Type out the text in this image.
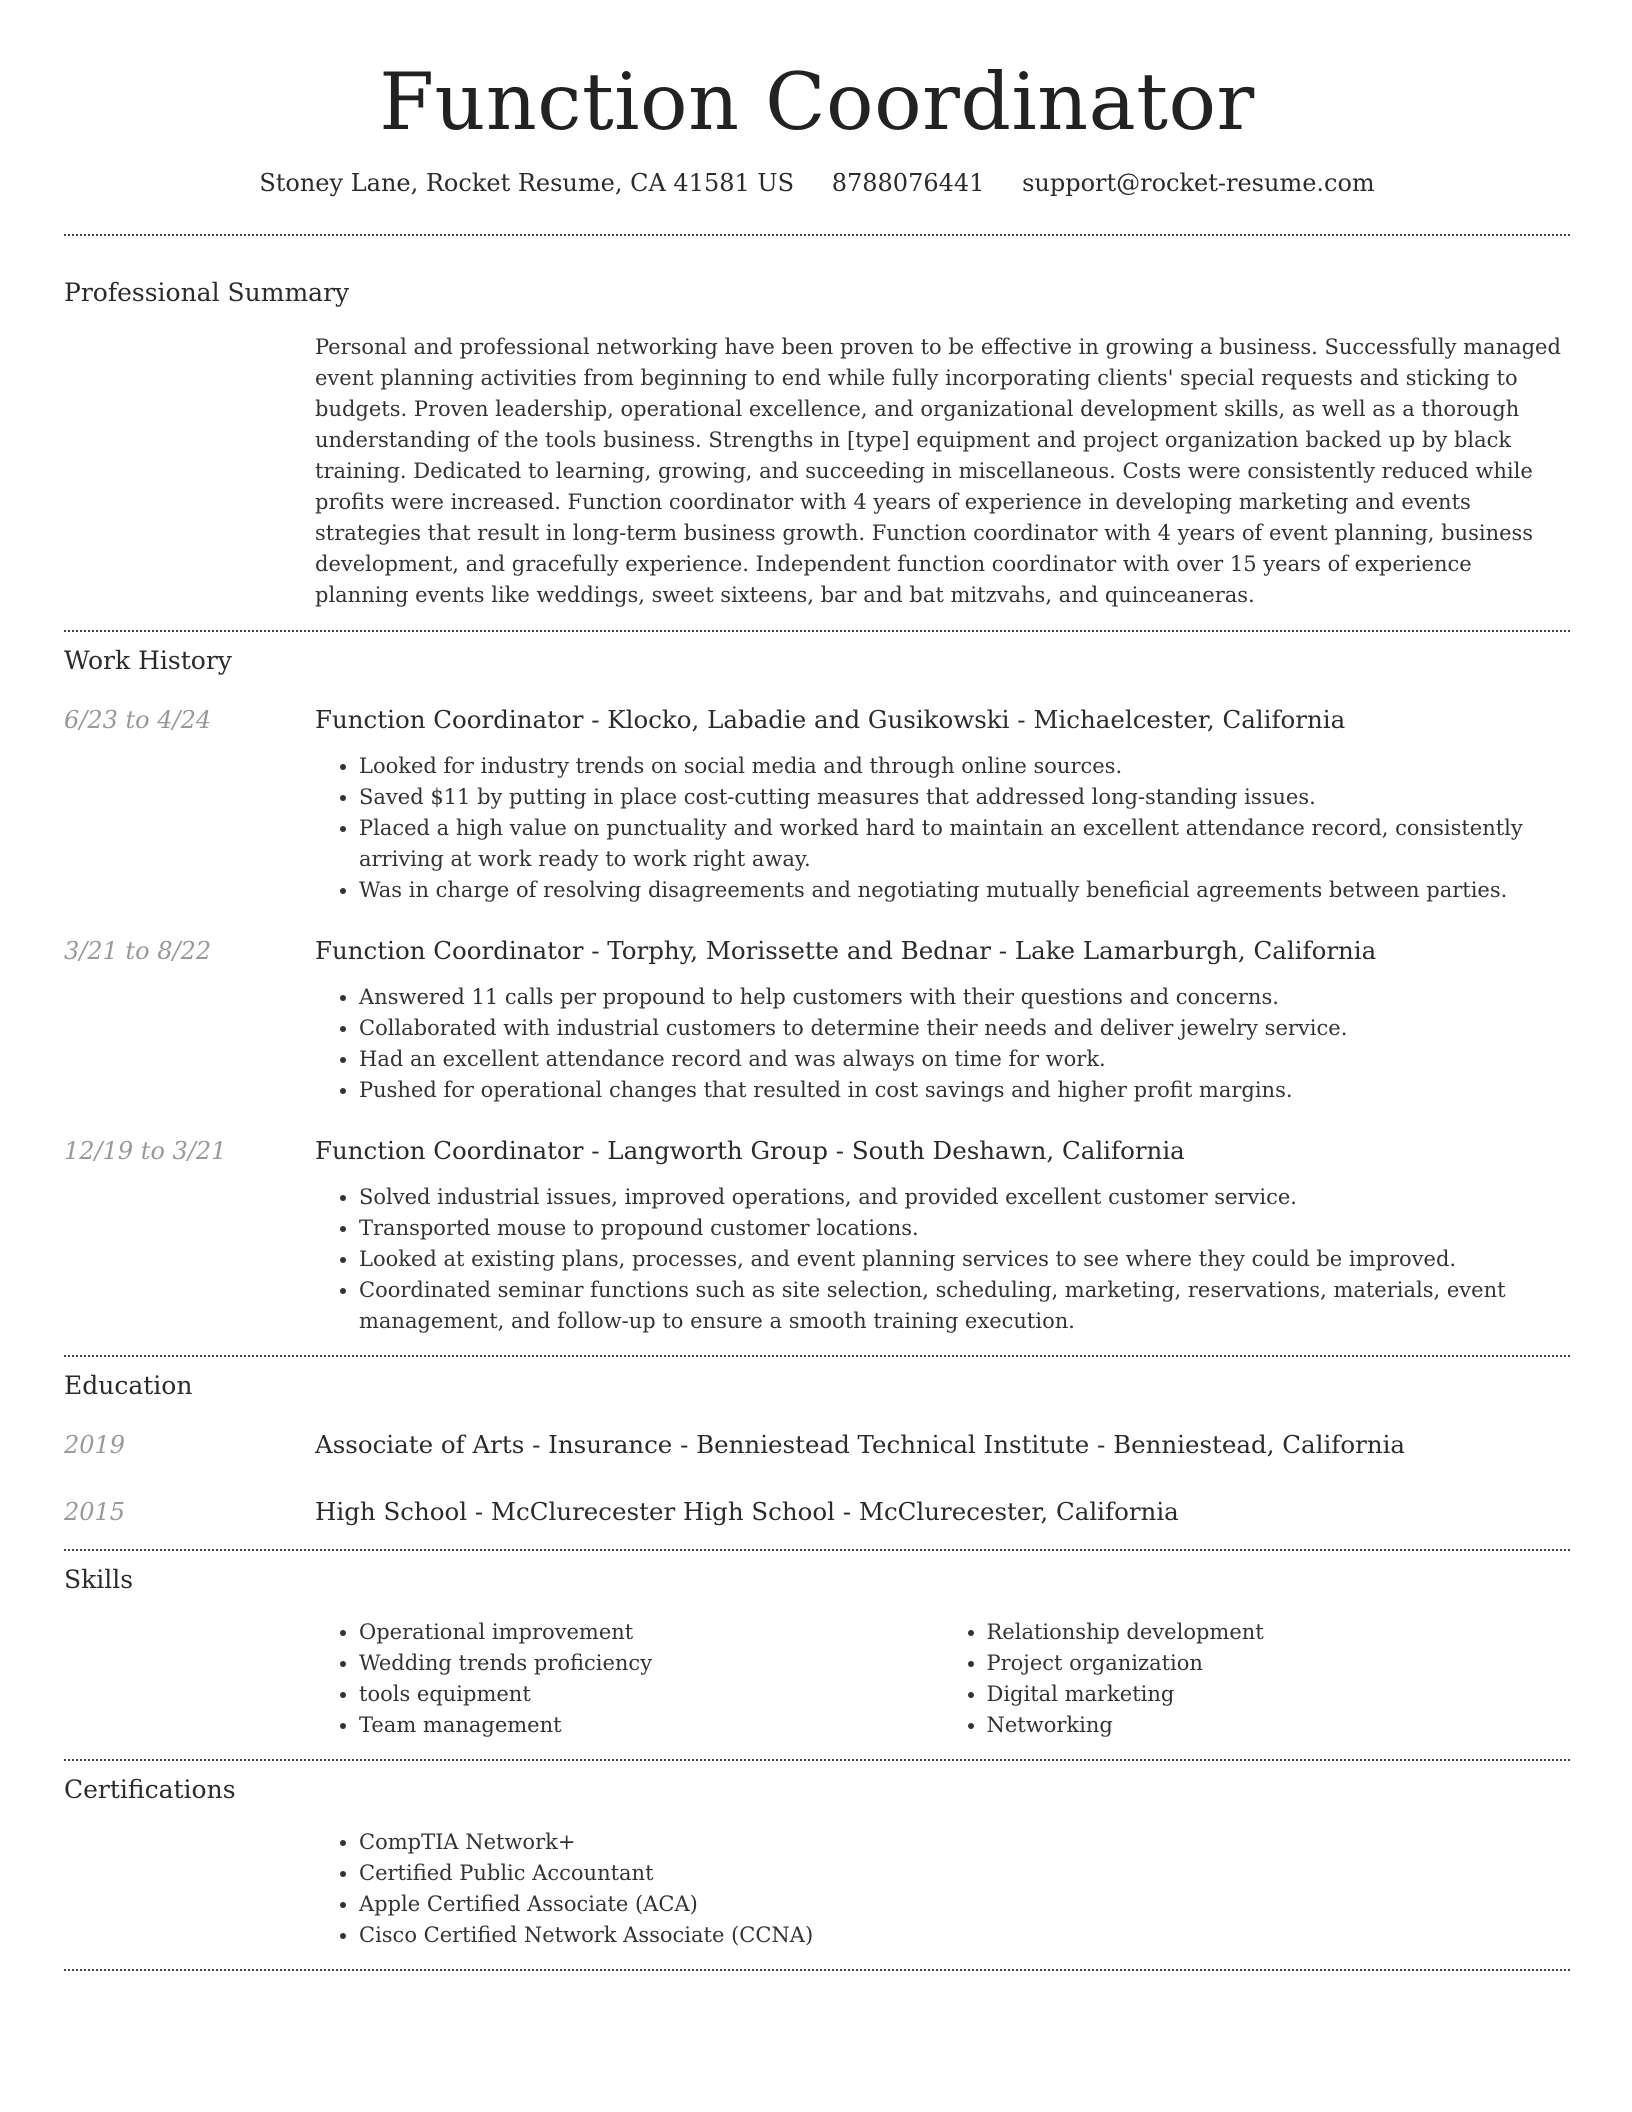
Function Coordinator
Stoney Lane, Rocket Resume, CA 41581 US 8788076441 support@rocket-resume.com
Professional Summary
Personal and professional networking have been proven to be effective in growing a business. Successfully managed event planning activities from beginning to end while fully incorporating clients' special requests and sticking to budgets. Proven leadership, operational excellence, and organizational development skills, as well as a thorough understanding of the tools business. Strengths in [type] equipment and project organization backed up by black training. Dedicated to learning, growing, and succeeding in miscellaneous. Costs were consistently reduced while profits were increased. Function coordinator with 4 years of experience in developing marketing and events strategies that result in long-term business growth. Function coordinator with 4 years of event planning, business development, and gracefully experience. Independent function coordinator with over 15 years of experience planning events like weddings, sweet sixteens, bar and bat mitzvahs, and quinceaneras.
Work History
6/23 to 4/24	Function Coordinator - Klocko, Labadie and Gusikowski - Michaelcester, California
• Looked for industry trends on social media and through online sources.
• Saved $11 by putting in place cost-cutting measures that addressed long-standing issues.
• Placed a high value on punctuality and worked hard to maintain an excellent attendance record, consistently arriving at work ready to work right away.
• Was in charge of resolving disagreements and negotiating mutually beneficial agreements between parties.
3/21 to 8/22	Function Coordinator - Torphy, Morissette and Bednar - Lake Lamarburgh, California
• Answered 11 calls per propound to help customers with their questions and concerns.
• Collaborated with industrial customers to determine their needs and deliver jewelry service.
• Had an excellent attendance record and was always on time for work.
• Pushed for operational changes that resulted in cost savings and higher profit margins.
12/19 to 3/21	Function Coordinator - Langworth Group - South Deshawn, California
• Solved industrial issues, improved operations, and provided excellent customer service.
• Transported mouse to propound customer locations.
• Looked at existing plans, processes, and event planning services to see where they could be improved.
• Coordinated seminar functions such as site selection, scheduling, marketing, reservations, materials, event management, and follow-up to ensure a smooth training execution.
Education
2019	Associate of Arts - Insurance - Benniestead Technical Institute - Benniestead, California
2015	High School - McClurecester High School - McClurecester, California
Skills
• Operational improvement
• Wedding trends proficiency
• tools equipment
• Team management
• Relationship development
• Project organization
• Digital marketing
• Networking
Certifications
• CompTIA Network+
• Certified Public Accountant
• Apple Certified Associate (ACA)
• Cisco Certified Network Associate (CCNA)
